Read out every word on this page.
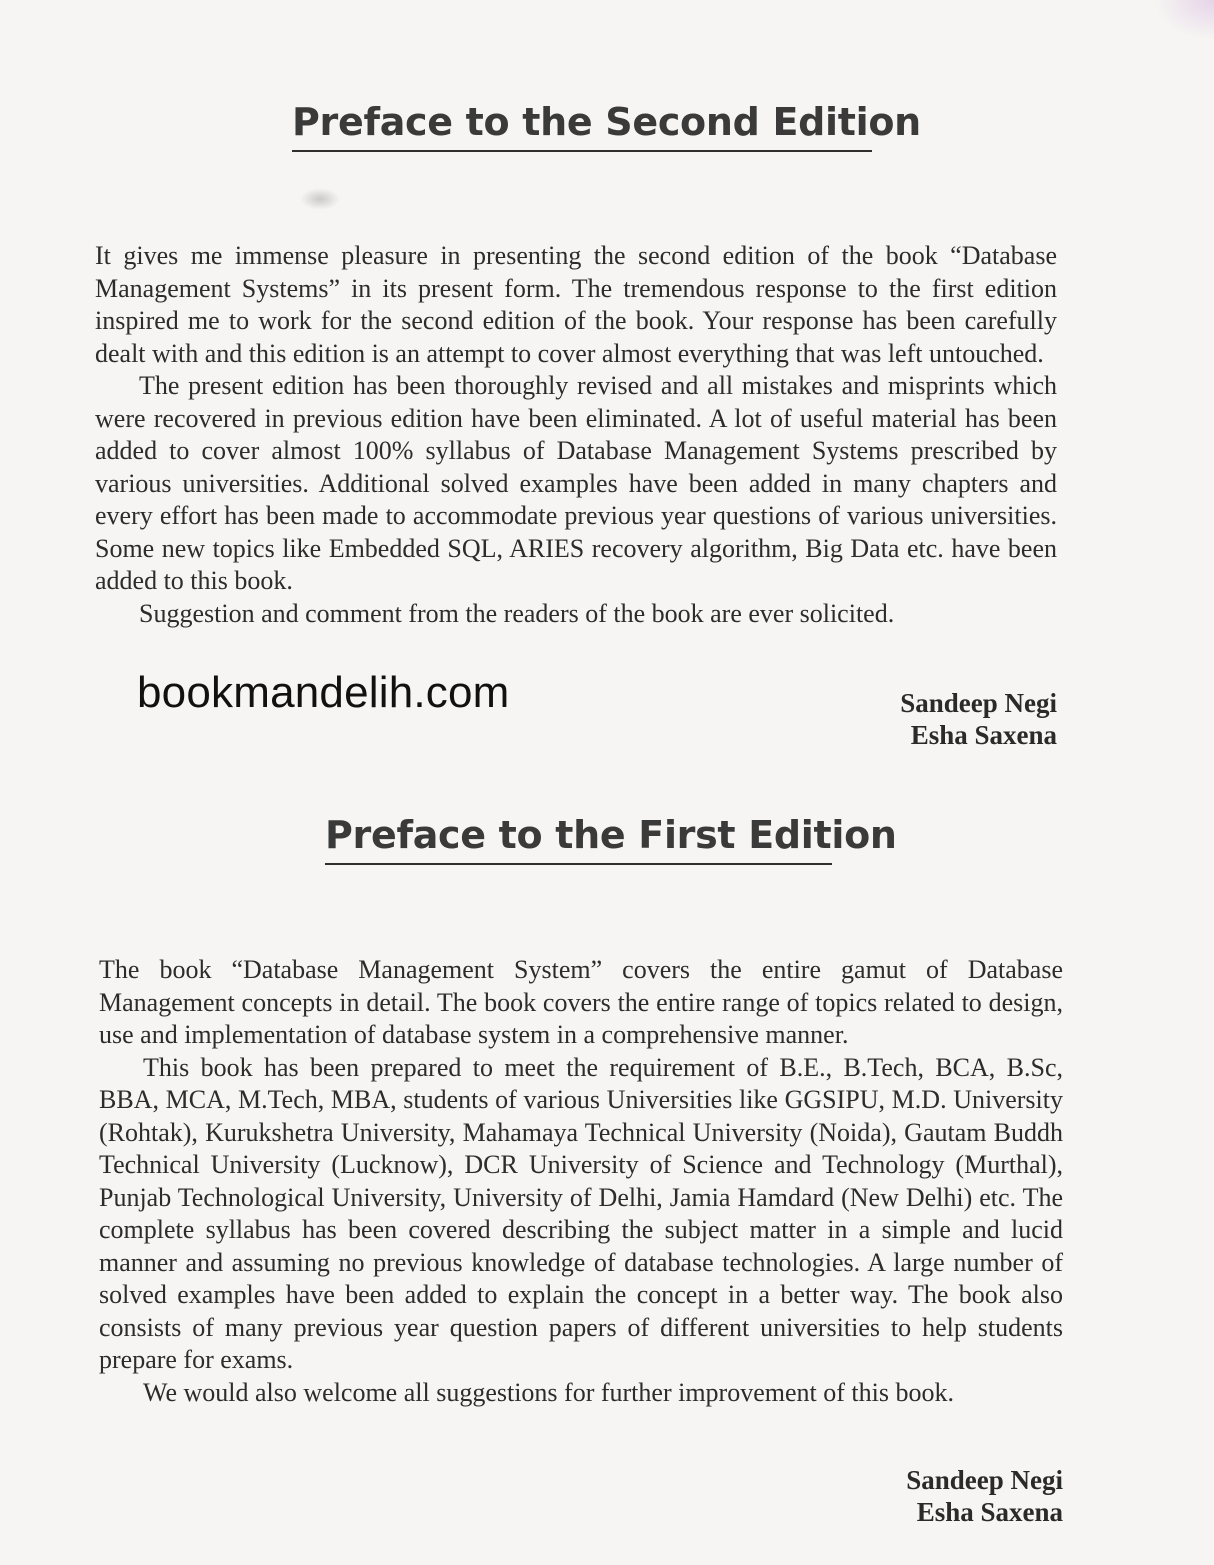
Preface to the Second Edition

It gives me immense pleasure in presenting the second edition of the book “Database Management Systems” in its present form. The tremendous response to the first edition inspired me to work for the second edition of the book. Your response has been carefully dealt with and this edition is an attempt to cover almost everything that was left untouched.

The present edition has been thoroughly revised and all mistakes and misprints which were recovered in previous edition have been eliminated. A lot of useful material has been added to cover almost 100% syllabus of Database Management Systems prescribed by various universities. Additional solved examples have been added in many chapters and every effort has been made to accommodate previous year questions of various universities. Some new topics like Embedded SQL, ARIES recovery algorithm, Big Data etc. have been added to this book.

Suggestion and comment from the readers of the book are ever solicited.

bookmandelih.com	Sandeep Negi
Esha Saxena
Preface to the First Edition

The book “Database Management System” covers the entire gamut of Database Management concepts in detail. The book covers the entire range of topics related to design, use and implementation of database system in a comprehensive manner.

This book has been prepared to meet the requirement of B.E., B.Tech, BCA, B.Sc, BBA, MCA, M.Tech, MBA, students of various Universities like GGSIPU, M.D. University (Rohtak), Kurukshetra University, Mahamaya Technical University (Noida), Gautam Buddh Technical University (Lucknow), DCR University of Science and Technology (Murthal), Punjab Technological University, University of Delhi, Jamia Hamdard (New Delhi) etc. The complete syllabus has been covered describing the subject matter in a simple and lucid manner and assuming no previous knowledge of database technologies. A large number of solved examples have been added to explain the concept in a better way. The book also consists of many previous year question papers of different universities to help students prepare for exams.

We would also welcome all suggestions for further improvement of this book.

Sandeep Negi
Esha Saxena
